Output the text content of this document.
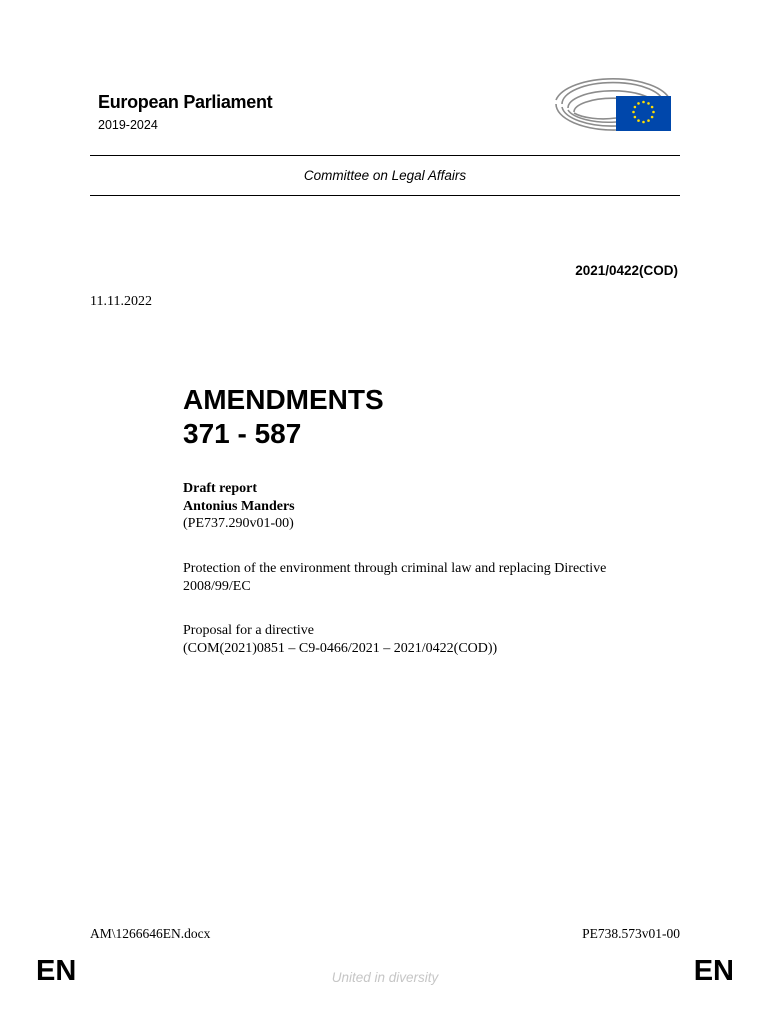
European Parliament
2019-2024
Committee on Legal Affairs
2021/0422(COD)
11.11.2022
AMENDMENTS
371 - 587
Draft report
Antonius Manders
(PE737.290v01-00)
Protection of the environment through criminal law and replacing Directive 2008/99/EC
Proposal for a directive
(COM(2021)0851 – C9-0466/2021 – 2021/0422(COD))
AM\1266646EN.docx	PE738.573v01-00
EN	United in diversity	EN
